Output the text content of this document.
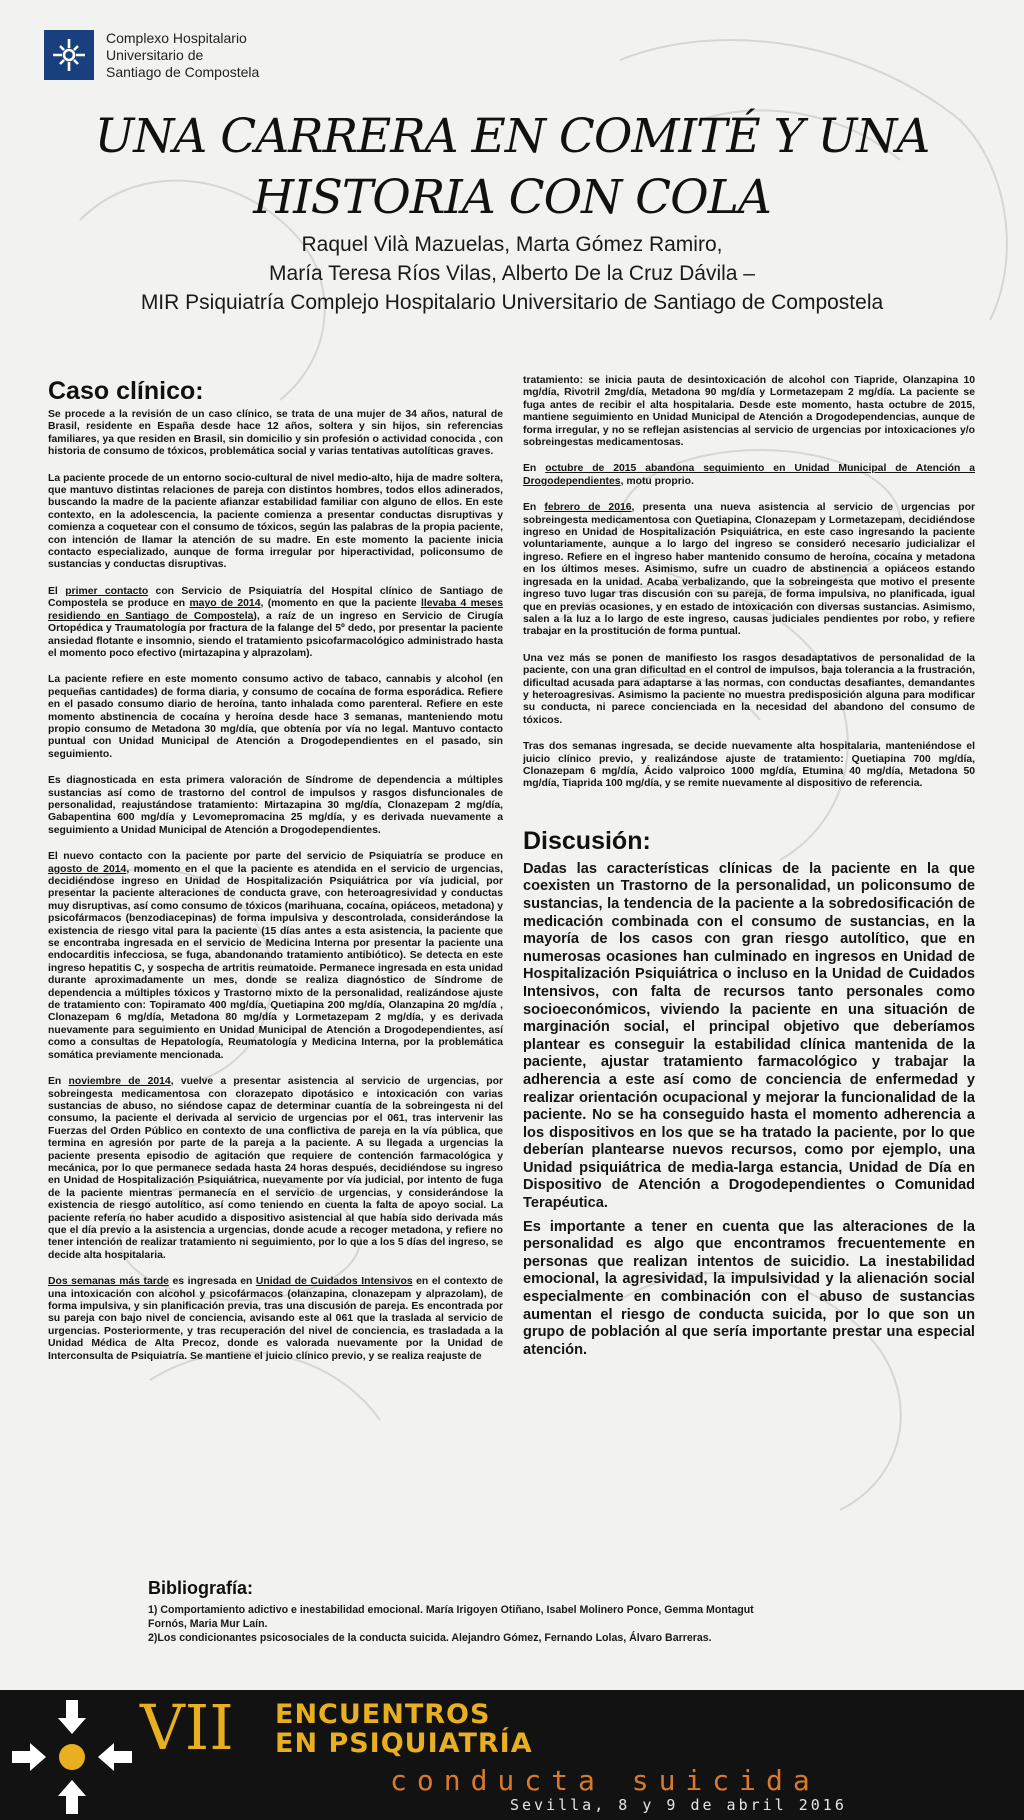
Complexo Hospitalario
Universitario de
Santiago de Compostela
UNA CARRERA EN COMITÉ Y UNA
HISTORIA CON COLA
Raquel Vilà Mazuelas, Marta Gómez Ramiro,
María Teresa Ríos Vilas, Alberto De la Cruz Dávila –
MIR Psiquiatría Complejo Hospitalario Universitario de Santiago de Compostela
Caso clínico:

Se procede a la revisión de un caso clínico, se trata de una mujer de 34 años, natural de Brasil, residente en España desde hace 12 años, soltera y sin hijos, sin referencias familiares, ya que residen en Brasil, sin domicilio y sin profesión o actividad conocida , con historia de consumo de tóxicos, problemática social y varias tentativas autolíticas graves.

La paciente procede de un entorno socio-cultural de nivel medio-alto, hija de madre soltera, que mantuvo distintas relaciones de pareja con distintos hombres, todos ellos adinerados, buscando la madre de la paciente afianzar estabilidad familiar con alguno de ellos. En este contexto, en la adolescencia, la paciente comienza a presentar conductas disruptivas y comienza a coquetear con el consumo de tóxicos, según las palabras de la propia paciente, con intención de llamar la atención de su madre. En este momento la paciente inicia contacto especializado, aunque de forma irregular por hiperactividad, policonsumo de sustancias y conductas disruptivas.

El primer contacto con Servicio de Psiquiatría del Hospital clínico de Santiago de Compostela se produce en mayo de 2014, (momento en que la paciente llevaba 4 meses residiendo en Santiago de Compostela), a raíz de un ingreso en Servicio de Cirugía Ortopédica y Traumatología por fractura de la falange del 5º dedo, por presentar la paciente ansiedad flotante e insomnio, siendo el tratamiento psicofarmacológico administrado hasta el momento poco efectivo (mirtazapina y alprazolam).

La paciente refiere en este momento consumo activo de tabaco, cannabis y alcohol (en pequeñas cantidades) de forma diaria, y consumo de cocaína de forma esporádica. Refiere en el pasado consumo diario de heroína, tanto inhalada como parenteral. Refiere en este momento abstinencia de cocaína y heroína desde hace 3 semanas, manteniendo motu propio consumo de Metadona 30 mg/día, que obtenía por vía no legal. Mantuvo contacto puntual con Unidad Municipal de Atención a Drogodependientes en el pasado, sin seguimiento.

Es diagnosticada en esta primera valoración de Síndrome de dependencia a múltiples sustancias así como de trastorno del control de impulsos y rasgos disfuncionales de personalidad, reajustándose tratamiento: Mirtazapina 30 mg/día, Clonazepam 2 mg/día, Gabapentina 600 mg/día y Levomepromacina 25 mg/día, y es derivada nuevamente a seguimiento a Unidad Municipal de Atención a Drogodependientes.

El nuevo contacto con la paciente por parte del servicio de Psiquiatría se produce en agosto de 2014, momento en el que la paciente es atendida en el servicio de urgencias, decidiéndose ingreso en Unidad de Hospitalización Psiquiátrica por vía judicial, por presentar la paciente alteraciones de conducta grave, con heteroagresividad y conductas muy disruptivas, así como consumo de tóxicos (marihuana, cocaína, opiáceos, metadona) y psicofármacos (benzodiacepinas) de forma impulsiva y descontrolada, considerándose la existencia de riesgo vital para la paciente (15 días antes a esta asistencia, la paciente que se encontraba ingresada en el servicio de Medicina Interna por presentar la paciente una endocarditis infecciosa, se fuga, abandonando tratamiento antibiótico). Se detecta en este ingreso hepatitis C, y sospecha de artritis reumatoide. Permanece ingresada en esta unidad durante aproximadamente un mes, donde se realiza diagnóstico de Síndrome de dependencia a múltiples tóxicos y Trastorno mixto de la personalidad, realizándose ajuste de tratamiento con: Topiramato 400 mg/día, Quetiapina 200 mg/día, Olanzapina 20 mg/día , Clonazepam 6 mg/día, Metadona 80 mg/día y Lormetazepam 2 mg/día, y es derivada nuevamente para seguimiento en Unidad Municipal de Atención a Drogodependientes, así como a consultas de Hepatología, Reumatología y Medicina Interna, por la problemática somática previamente mencionada.

En noviembre de 2014, vuelve a presentar asistencia al servicio de urgencias, por sobreingesta medicamentosa con clorazepato dipotásico e intoxicación con varias sustancias de abuso, no siéndose capaz de determinar cuantía de la sobreingesta ni del consumo, la paciente el derivada al servicio de urgencias por el 061, tras intervenir las Fuerzas del Orden Público en contexto de una conflictiva de pareja en la vía pública, que termina en agresión por parte de la pareja a la paciente. A su llegada a urgencias la paciente presenta episodio de agitación que requiere de contención farmacológica y mecánica, por lo que permanece sedada hasta 24 horas después, decidiéndose su ingreso en Unidad de Hospitalización Psiquiátrica, nuevamente por vía judicial, por intento de fuga de la paciente mientras permanecía en el servicio de urgencias, y considerándose la existencia de riesgo autolítico, así como teniendo en cuenta la falta de apoyo social. La paciente refería no haber acudido a dispositivo asistencial al que había sido derivada más que el día previo a la asistencia a urgencias, donde acude a recoger metadona, y refiere no tener intención de realizar tratamiento ni seguimiento, por lo que a los 5 días del ingreso, se decide alta hospitalaria.

Dos semanas más tarde es ingresada en Unidad de Cuidados Intensivos en el contexto de una intoxicación con alcohol y psicofármacos (olanzapina, clonazepam y alprazolam), de forma impulsiva, y sin planificación previa, tras una discusión de pareja. Es encontrada por su pareja con bajo nivel de conciencia, avisando este al 061 que la traslada al servicio de urgencias. Posteriormente, y tras recuperación del nivel de conciencia, es trasladada a la Unidad Médica de Alta Precoz, donde es valorada nuevamente por la Unidad de Interconsulta de Psiquiatría. Se mantiene el juicio clínico previo, y se realiza reajuste de

tratamiento: se inicia pauta de desintoxicación de alcohol con Tiapride, Olanzapina 10 mg/día, Rivotril 2mg/día, Metadona 90 mg/día y Lormetazepam 2 mg/día. La paciente se fuga antes de recibir el alta hospitalaria. Desde este momento, hasta octubre de 2015, mantiene seguimiento en Unidad Municipal de Atención a Drogodependencias, aunque de forma irregular, y no se reflejan asistencias al servicio de urgencias por intoxicaciones y/o sobreingestas medicamentosas.

En octubre de 2015 abandona seguimiento en Unidad Municipal de Atención a Drogodependientes, motu proprio.

En febrero de 2016, presenta una nueva asistencia al servicio de urgencias por sobreingesta medicamentosa con Quetiapina, Clonazepam y Lormetazepam, decidiéndose ingreso en Unidad de Hospitalización Psiquiátrica, en este caso ingresando la paciente voluntariamente, aunque a lo largo del ingreso se consideró necesario judicializar el ingreso. Refiere en el ingreso haber mantenido consumo de heroína, cocaína y metadona en los últimos meses. Asimismo, sufre un cuadro de abstinencia a opiáceos estando ingresada en la unidad. Acaba verbalizando, que la sobreingesta que motivo el presente ingreso tuvo lugar tras discusión con su pareja, de forma impulsiva, no planificada, igual que en previas ocasiones, y en estado de intoxicación con diversas sustancias. Asimismo, salen a la luz a lo largo de este ingreso, causas judiciales pendientes por robo, y refiere trabajar en la prostitución de forma puntual.

Una vez más se ponen de manifiesto los rasgos desadaptativos de personalidad de la paciente, con una gran dificultad en el control de impulsos, baja tolerancia a la frustración, dificultad acusada para adaptarse a las normas, con conductas desafiantes, demandantes y heteroagresivas. Asimismo la paciente no muestra predisposición alguna para modificar su conducta, ni parece concienciada en la necesidad del abandono del consumo de tóxicos.

Tras dos semanas ingresada, se decide nuevamente alta hospitalaria, manteniéndose el juicio clínico previo, y realizándose ajuste de tratamiento: Quetiapina 700 mg/día, Clonazepam 6 mg/día, Ácido valproico 1000 mg/día, Etumina 40 mg/día, Metadona 50 mg/día, Tiaprida 100 mg/día, y se remite nuevamente al dispositivo de referencia.

Discusión:

Dadas las características clínicas de la paciente en la que coexisten un Trastorno de la personalidad, un policonsumo de sustancias, la tendencia de la paciente a la sobredosificación de medicación combinada con el consumo de sustancias, en la mayoría de los casos con gran riesgo autolítico, que en numerosas ocasiones han culminado en ingresos en Unidad de Hospitalización Psiquiátrica o incluso en la Unidad de Cuidados Intensivos, con falta de recursos tanto personales como socioeconómicos, viviendo la paciente en una situación de marginación social, el principal objetivo que deberíamos plantear es conseguir la estabilidad clínica mantenida de la paciente, ajustar tratamiento farmacológico y trabajar la adherencia a este así como de conciencia de enfermedad y realizar orientación ocupacional y mejorar la funcionalidad de la paciente. No se ha conseguido hasta el momento adherencia a los dispositivos en los que se ha tratado la paciente, por lo que deberían plantearse nuevos recursos, como por ejemplo, una Unidad psiquiátrica de media-larga estancia, Unidad de Día en Dispositivo de Atención a Drogodependientes o Comunidad Terapéutica.

Es importante a tener en cuenta que las alteraciones de la personalidad es algo que encontramos frecuentemente en personas que realizan intentos de suicidio. La inestabilidad emocional, la agresividad, la impulsividad y la alienación social especialmente en combinación con el abuso de sustancias aumentan el riesgo de conducta suicida, por lo que son un grupo de población al que sería importante prestar una especial atención.

Bibliografía:
1) Comportamiento adictivo e inestabilidad emocional. María Irigoyen Otiñano, Isabel Molinero Ponce, Gemma Montagut Fornós, Maria Mur Laín.
2)Los condicionantes psicosociales de la conducta suicida. Alejandro Gómez, Fernando Lolas, Álvaro Barreras.
VII ENCUENTROS
EN PSIQUIATRÍA
conducta suicida
Sevilla, 8 y 9 de abril 2016
